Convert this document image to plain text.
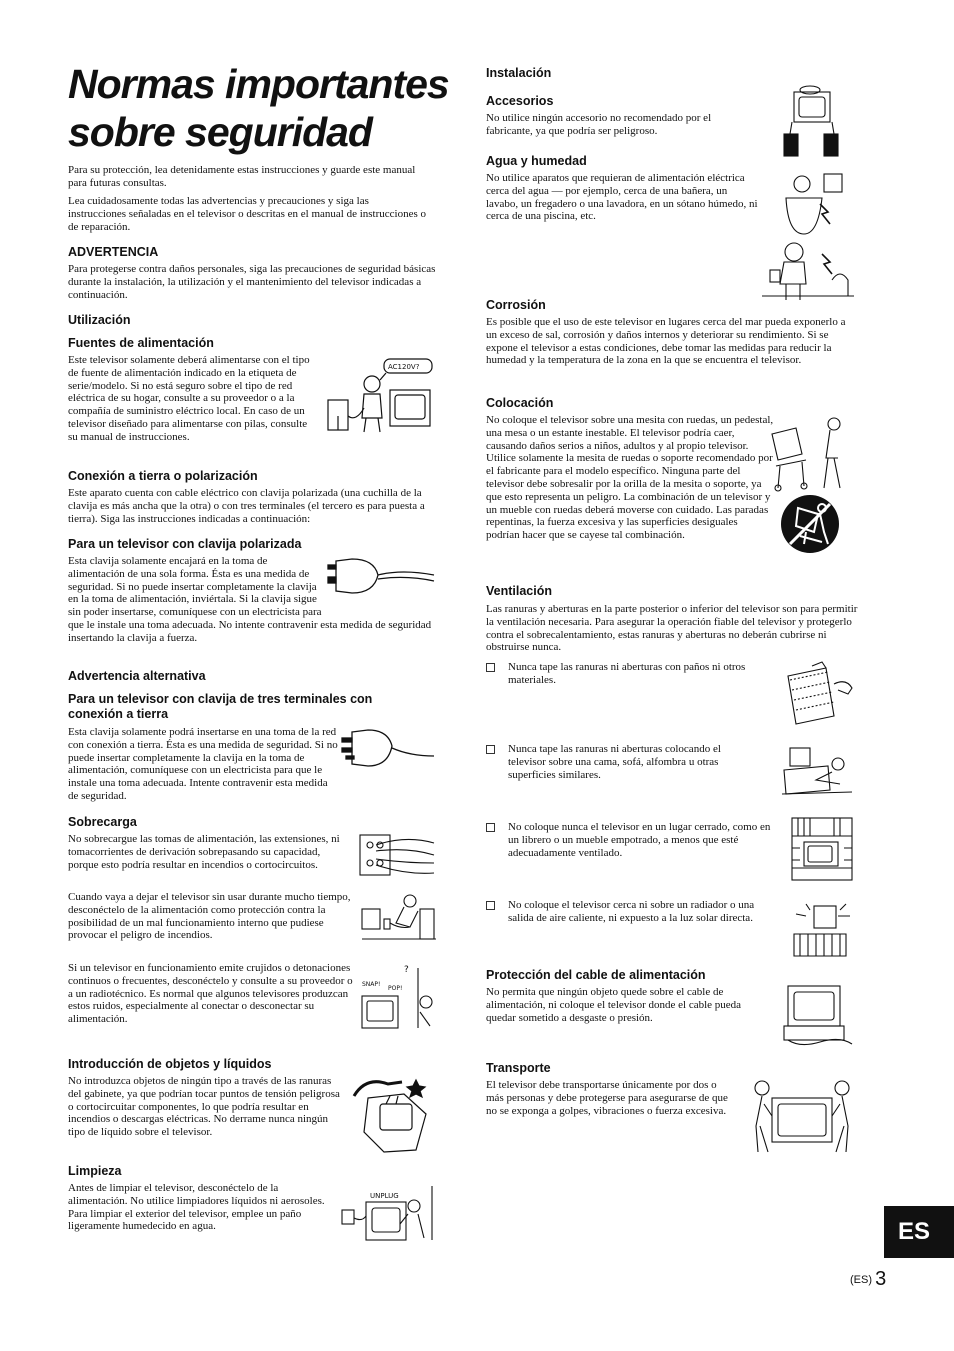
Normas importantes
sobre seguridad

Para su protección, lea detenidamente estas instrucciones y guarde este manual para futuras consultas.

Lea cuidadosamente todas las advertencias y precauciones y siga las instrucciones señaladas en el televisor o descritas en el manual de instrucciones o de reparación.

ADVERTENCIA

Para protegerse contra daños personales, siga las precauciones de seguridad básicas durante la instalación, la utilización y el mantenimiento del televisor indicadas a continuación.

Utilización

Fuentes de alimentación

Este televisor solamente deberá alimentarse con el tipo de fuente de alimentación indicado en la etiqueta de serie/modelo. Si no está seguro sobre el tipo de red eléctrica de su hogar, consulte a su proveedor o a la compañía de suministro eléctrico local. En caso de un televisor diseñado para alimentarse con pilas, consulte su manual de instrucciones.

AC120V?

Conexión a tierra o polarización

Este aparato cuenta con cable eléctrico con clavija polarizada (una cuchilla de la clavija es más ancha que la otra) o con tres terminales (el tercero es para puesta a tierra). Siga las instrucciones indicadas a continuación:

Para un televisor con clavija polarizada

Esta clavija solamente encajará en la toma de alimentación de una sola forma. Ésta es una medida de seguridad. Si no puede insertar completamente la clavija en la toma de alimentación, inviértala. Si la clavija sigue sin poder insertarse, comuníquese con un electricista para que le instale una toma adecuada. No intente contravenir esta medida de seguridad insertando la clavija a fuerza.

Advertencia alternativa

Para un televisor con clavija de tres terminales con conexión a tierra

Esta clavija solamente podrá insertarse en una toma de la red con conexión a tierra. Ésta es una medida de seguridad. Si no puede insertar completamente la clavija en la toma de alimentación, comuníquese con un electricista para que le instale una toma adecuada. Intente contravenir esta medida de seguridad.

Sobrecarga

No sobrecargue las tomas de alimentación, las extensiones, ni tomacorrientes de derivación sobrepasando su capacidad, porque esto podría resultar en incendios o cortocircuitos.

Cuando vaya a dejar el televisor sin usar durante mucho tiempo, desconéctelo de la alimentación como protección contra la posibilidad de un mal funcionamiento interno que pudiese provocar el peligro de incendios.

Si un televisor en funcionamiento emite crujidos o detonaciones continuos o frecuentes, desconéctelo y consulte a su proveedor o a un radiotécnico. Es normal que algunos televisores produzcan estos ruidos, especialmente al conectar o desconectar su alimentación.

SNAP!
POP!
?

Introducción de objetos y líquidos

No introduzca objetos de ningún tipo a través de las ranuras del gabinete, ya que podrían tocar puntos de tensión peligrosa o cortocircuitar componentes, lo que podría resultar en incendios o descargas eléctricas. No derrame nunca ningún tipo de líquido sobre el televisor.

Limpieza

Antes de limpiar el televisor, desconéctelo de la alimentación. No utilice limpiadores líquidos ni aerosoles. Para limpiar el exterior del televisor, emplee un paño ligeramente humedecido en agua.

UNPLUG

Instalación

Accesorios

No utilice ningún accesorio no recomendado por el fabricante, ya que podría ser peligroso.

Agua y humedad

No utilice aparatos que requieran de alimentación eléctrica cerca del agua — por ejemplo, cerca de una bañera, un lavabo, un fregadero o una lavadora, en un sótano húmedo, ni cerca de una piscina, etc.

Corrosión

Es posible que el uso de este televisor en lugares cerca del mar pueda exponerlo a un exceso de sal, corrosión y daños internos y deteriorar su rendimiento. Si se expone el televisor a estas condiciones, debe tomar las medidas para reducir la humedad y la temperatura de la zona en la que se encuentra el televisor.

Colocación

No coloque el televisor sobre una mesita con ruedas, un pedestal, una mesa o un estante inestable. El televisor podría caer, causando daños serios a niños, adultos y al propio televisor. Utilice solamente la mesita de ruedas o soporte recomendado por el fabricante para el modelo específico. Ninguna parte del televisor debe sobresalir por la orilla de la mesita o soporte, ya que esto representa un peligro. La combinación de un televisor y un mueble con ruedas deberá moverse con cuidado. Las paradas repentinas, la fuerza excesiva y las superficies desiguales podrían hacer que se cayese tal combinación.

Ventilación

Las ranuras y aberturas en la parte posterior o inferior del televisor son para permitir la ventilación necesaria. Para asegurar la operación fiable del televisor y protegerlo contra el sobrecalentamiento, estas ranuras y aberturas no deberán cubrirse ni obstruirse nunca.

Nunca tape las ranuras ni aberturas con paños ni otros materiales.
Nunca tape las ranuras ni aberturas colocando el televisor sobre una cama, sofá, alfombra u otras superficies similares.
No coloque nunca el televisor en un lugar cerrado, como en un librero o un mueble empotrado, a menos que esté adecuadamente ventilado.
No coloque el televisor cerca ni sobre un radiador o una salida de aire caliente, ni expuesto a la luz solar directa.

Protección del cable de alimentación

No permita que ningún objeto quede sobre el cable de alimentación, ni coloque el televisor donde el cable pueda quedar sometido a desgaste o presión.

Transporte

El televisor debe transportarse únicamente por dos o más personas y debe protegerse para asegurarse de que no se exponga a golpes, vibraciones o fuerza excesiva.

ES
(ES) 3
